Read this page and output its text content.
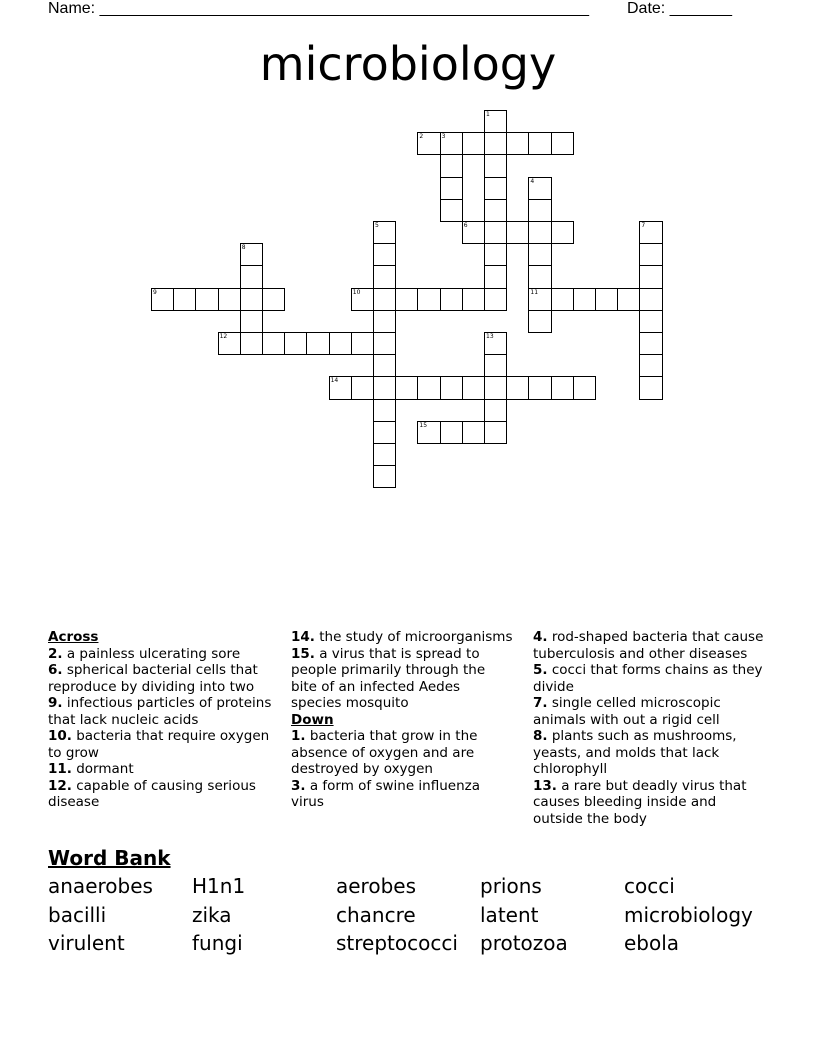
Name: _______________________________________________________ Date: _______
microbiology
1
2	3
4
5	6	7
8
9	10	11
12	13
14
15
Across
2. a painless ulcerating sore
6. spherical bacterial cells that reproduce by dividing into two
9. infectious particles of proteins that lack nucleic acids
10. bacteria that require oxygen to grow
11. dormant
12. capable of causing serious disease
14. the study of microorganisms
15. a virus that is spread to people primarily through the bite of an infected Aedes species mosquito
Down
1. bacteria that grow in the absence of oxygen and are destroyed by oxygen
3. a form of swine influenza virus
4. rod-shaped bacteria that cause tuberculosis and other diseases
5. cocci that forms chains as they divide
7. single celled microscopic animals with out a rigid cell
8. plants such as mushrooms, yeasts, and molds that lack chlorophyll
13. a rare but deadly virus that causes bleeding inside and outside the body
Word Bank
anaerobes H1n1	aerobes	prions	cocci
bacilli	zika	chancre	latent	microbiology
virulent	fungi	streptococci protozoa	ebola
